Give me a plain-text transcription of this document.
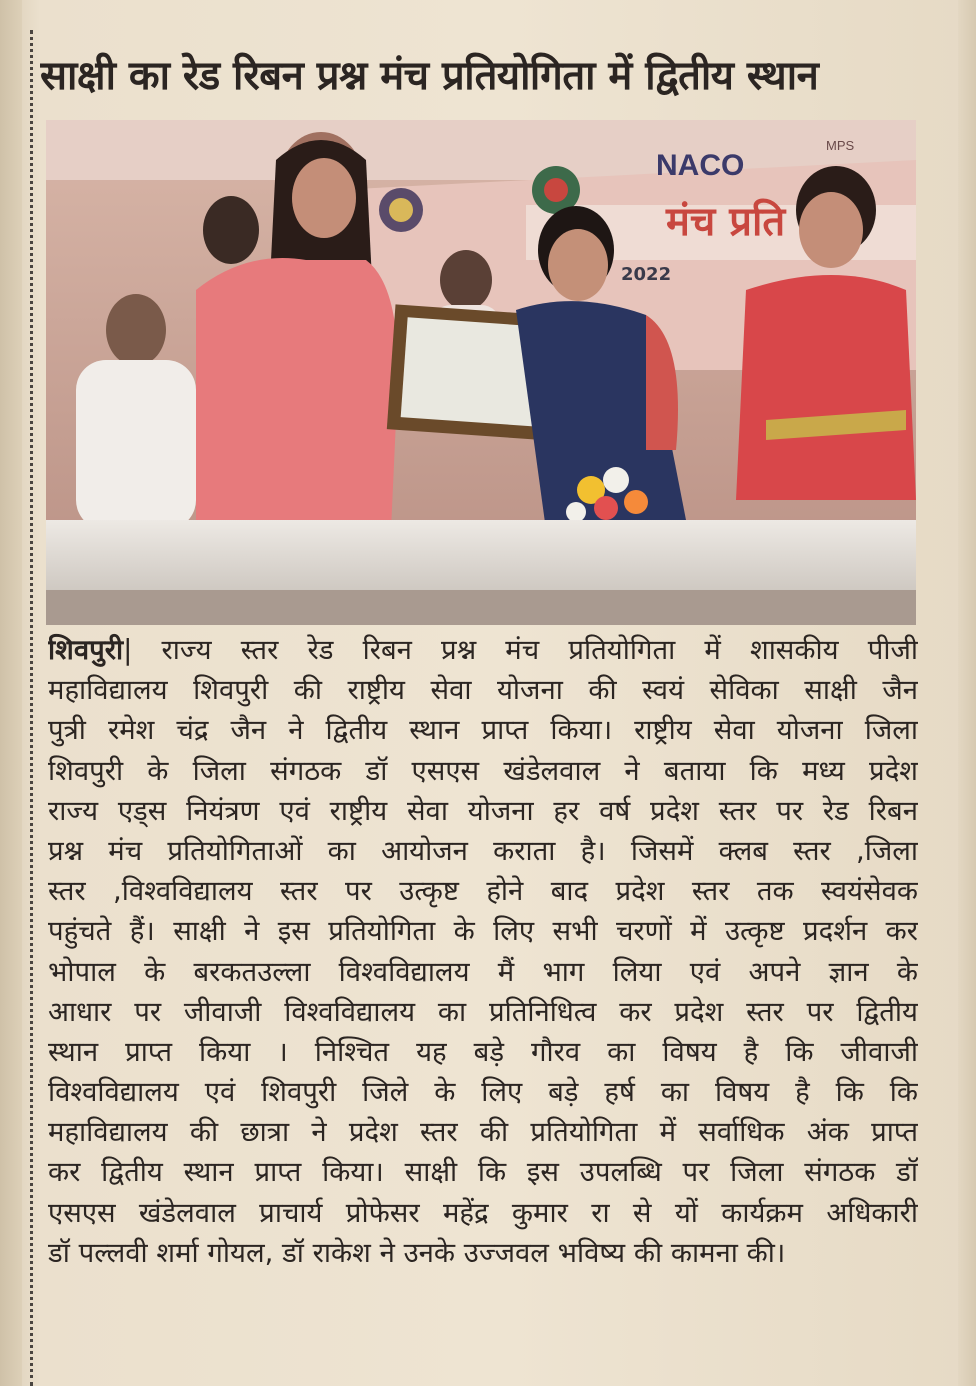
साक्षी का रेड रिबन प्रश्न मंच प्रतियोगिता में द्वितीय स्थान
NACO
MPS
मंच प्रति
2022
शिवपुरी| राज्य स्तर रेड रिबन प्रश्न मंच प्रतियोगिता में शासकीय पीजी
महाविद्यालय शिवपुरी की राष्ट्रीय सेवा योजना की स्वयं सेविका साक्षी जैन
पुत्री रमेश चंद्र जैन ने द्वितीय स्थान प्राप्त किया। राष्ट्रीय सेवा योजना जिला
शिवपुरी के जिला संगठक डॉ एसएस खंडेलवाल ने बताया कि मध्य प्रदेश
राज्य एड्स नियंत्रण एवं राष्ट्रीय सेवा योजना हर वर्ष प्रदेश स्तर पर रेड रिबन
प्रश्न मंच प्रतियोगिताओं का आयोजन कराता है। जिसमें क्लब स्तर ,जिला
स्तर ,विश्वविद्यालय स्तर पर उत्कृष्ट होने बाद प्रदेश स्तर तक स्वयंसेवक
पहुंचते हैं। साक्षी ने इस प्रतियोगिता के लिए सभी चरणों में उत्कृष्ट प्रदर्शन कर
भोपाल के बरकतउल्ला विश्वविद्यालय मैं भाग लिया एवं अपने ज्ञान के
आधार पर जीवाजी विश्वविद्यालय का प्रतिनिधित्व कर प्रदेश स्तर पर द्वितीय
स्थान प्राप्त किया । निश्चित यह बड़े गौरव का विषय है कि जीवाजी
विश्वविद्यालय एवं शिवपुरी जिले के लिए बड़े हर्ष का विषय है कि कि
महाविद्यालय की छात्रा ने प्रदेश स्तर की प्रतियोगिता में सर्वाधिक अंक प्राप्त
कर द्वितीय स्थान प्राप्त किया। साक्षी कि इस उपलब्धि पर जिला संगठक डॉ
एसएस खंडेलवाल प्राचार्य प्रोफेसर महेंद्र कुमार रा से यों कार्यक्रम अधिकारी
डॉ पल्लवी शर्मा गोयल, डॉ राकेश ने उनके उज्जवल भविष्य की कामना की।
